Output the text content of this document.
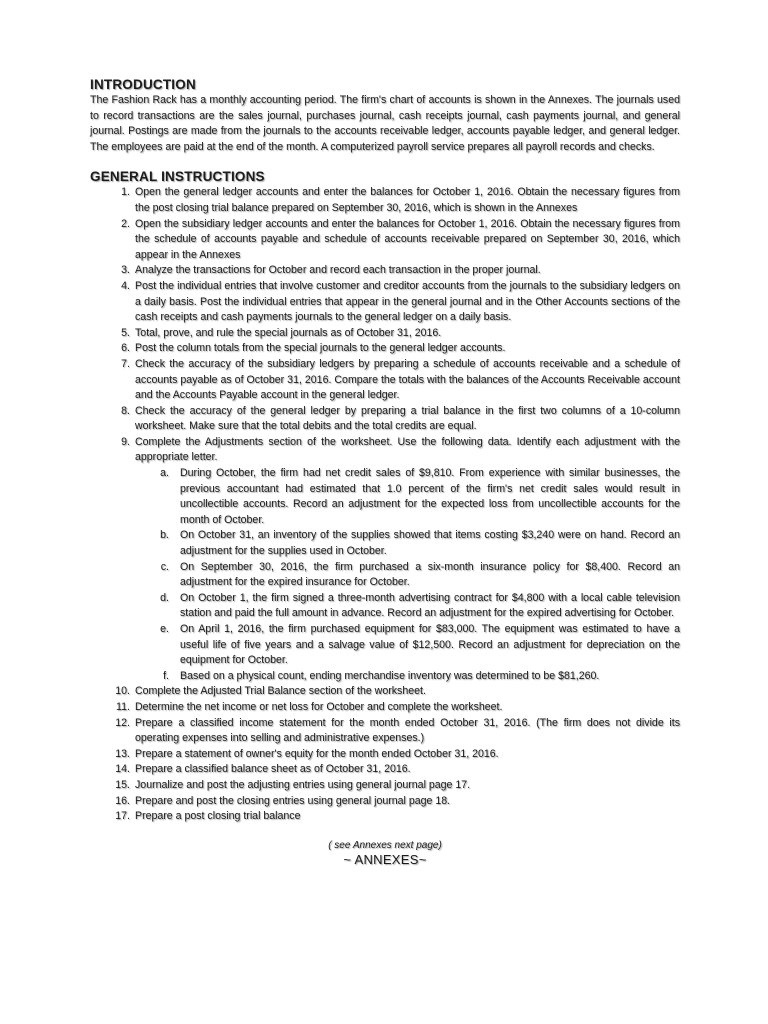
INTRODUCTION

The Fashion Rack has a monthly accounting period. The firm's chart of accounts is shown in the Annexes. The journals used to record transactions are the sales journal, purchases journal, cash receipts journal, cash payments journal, and general journal. Postings are made from the journals to the accounts receivable ledger, accounts payable ledger, and general ledger. The employees are paid at the end of the month. A computerized payroll service prepares all payroll records and checks.

GENERAL INSTRUCTIONS
1. Open the general ledger accounts and enter the balances for October 1, 2016. Obtain the necessary figures from the post closing trial balance prepared on September 30, 2016, which is shown in the Annexes
2. Open the subsidiary ledger accounts and enter the balances for October 1, 2016. Obtain the necessary figures from the schedule of accounts payable and schedule of accounts receivable prepared on September 30, 2016, which appear in the Annexes
3. Analyze the transactions for October and record each transaction in the proper journal.
4. Post the individual entries that involve customer and creditor accounts from the journals to the subsidiary ledgers on a daily basis. Post the individual entries that appear in the general journal and in the Other Accounts sections of the cash receipts and cash payments journals to the general ledger on a daily basis.
5. Total, prove, and rule the special journals as of October 31, 2016.
6. Post the column totals from the special journals to the general ledger accounts.
7. Check the accuracy of the subsidiary ledgers by preparing a schedule of accounts receivable and a schedule of accounts payable as of October 31, 2016. Compare the totals with the balances of the Accounts Receivable account and the Accounts Payable account in the general ledger.
8. Check the accuracy of the general ledger by preparing a trial balance in the first two columns of a 10-column worksheet. Make sure that the total debits and the total credits are equal.
9. Complete the Adjustments section of the worksheet. Use the following data. Identify each adjustment with the appropriate letter.
a. During October, the firm had net credit sales of $9,810. From experience with similar businesses, the previous accountant had estimated that 1.0 percent of the firm's net credit sales would result in uncollectible accounts. Record an adjustment for the expected loss from uncollectible accounts for the month of October.
b. On October 31, an inventory of the supplies showed that items costing $3,240 were on hand. Record an adjustment for the supplies used in October.
c. On September 30, 2016, the firm purchased a six-month insurance policy for $8,400. Record an adjustment for the expired insurance for October.
d. On October 1, the firm signed a three-month advertising contract for $4,800 with a local cable television station and paid the full amount in advance. Record an adjustment for the expired advertising for October.
e. On April 1, 2016, the firm purchased equipment for $83,000. The equipment was estimated to have a useful life of five years and a salvage value of $12,500. Record an adjustment for depreciation on the equipment for October.
f. Based on a physical count, ending merchandise inventory was determined to be $81,260.
10. Complete the Adjusted Trial Balance section of the worksheet.
11. Determine the net income or net loss for October and complete the worksheet.
12. Prepare a classified income statement for the month ended October 31, 2016. (The firm does not divide its operating expenses into selling and administrative expenses.)
13. Prepare a statement of owner's equity for the month ended October 31, 2016.
14. Prepare a classified balance sheet as of October 31, 2016.
15. Journalize and post the adjusting entries using general journal page 17.
16. Prepare and post the closing entries using general journal page 18.
17. Prepare a post closing trial balance
( see Annexes next page)
~ ANNEXES~
